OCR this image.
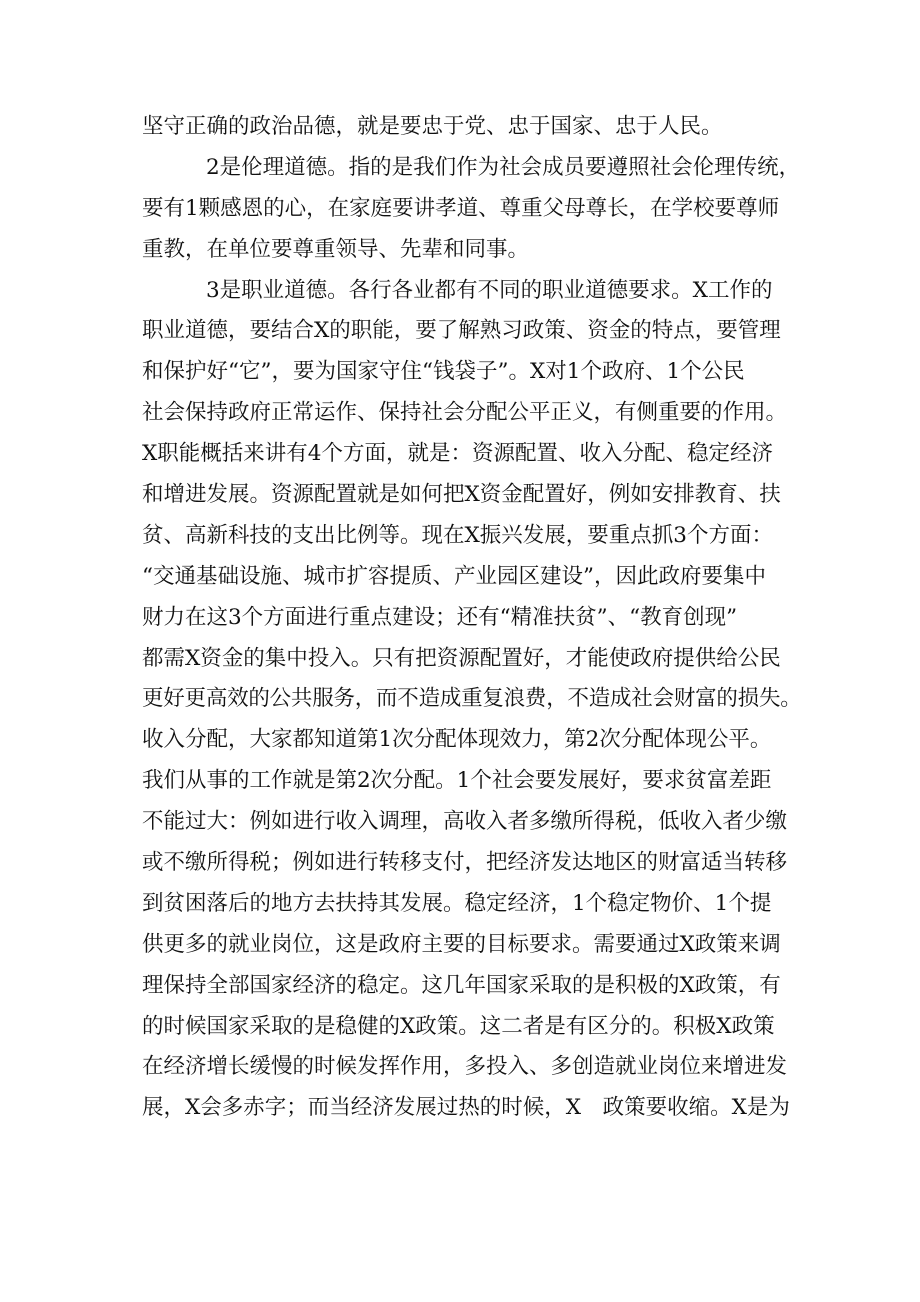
坚守正确的政治品德，就是要忠于党、忠于国家、忠于人民。
2是伦理道德。指的是我们作为社会成员要遵照社会伦理传统，
要有1颗感恩的心，在家庭要讲孝道、尊重父母尊长，在学校要尊师
重教，在单位要尊重领导、先辈和同事。
3是职业道德。各行各业都有不同的职业道德要求。X工作的
职业道德，要结合X的职能，要了解熟习政策、资金的特点，要管理
和保护好“它”，要为国家守住“钱袋子”。X对1个政府、1个公民
社会保持政府正常运作、保持社会分配公平正义，有侧重要的作用。
X职能概括来讲有4个方面，就是：资源配置、收入分配、稳定经济
和增进发展。资源配置就是如何把X资金配置好，例如安排教育、扶
贫、高新科技的支出比例等。现在X振兴发展，要重点抓3个方面：
“交通基础设施、城市扩容提质、产业园区建设”，因此政府要集中
财力在这3个方面进行重点建设；还有“精准扶贫”、“教育创现”
都需X资金的集中投入。只有把资源配置好，才能使政府提供给公民
更好更高效的公共服务，而不造成重复浪费，不造成社会财富的损失。
收入分配，大家都知道第1次分配体现效力，第2次分配体现公平。
我们从事的工作就是第2次分配。1个社会要发展好，要求贫富差距
不能过大：例如进行收入调理，高收入者多缴所得税，低收入者少缴
或不缴所得税；例如进行转移支付，把经济发达地区的财富适当转移
到贫困落后的地方去扶持其发展。稳定经济，1个稳定物价、1个提
供更多的就业岗位，这是政府主要的目标要求。需要通过X政策来调
理保持全部国家经济的稳定。这几年国家采取的是积极的X政策，有
的时候国家采取的是稳健的X政策。这二者是有区分的。积极X政策
在经济增长缓慢的时候发挥作用，多投入、多创造就业岗位来增进发
展，X会多赤字；而当经济发展过热的时候，X　政策要收缩。X是为
